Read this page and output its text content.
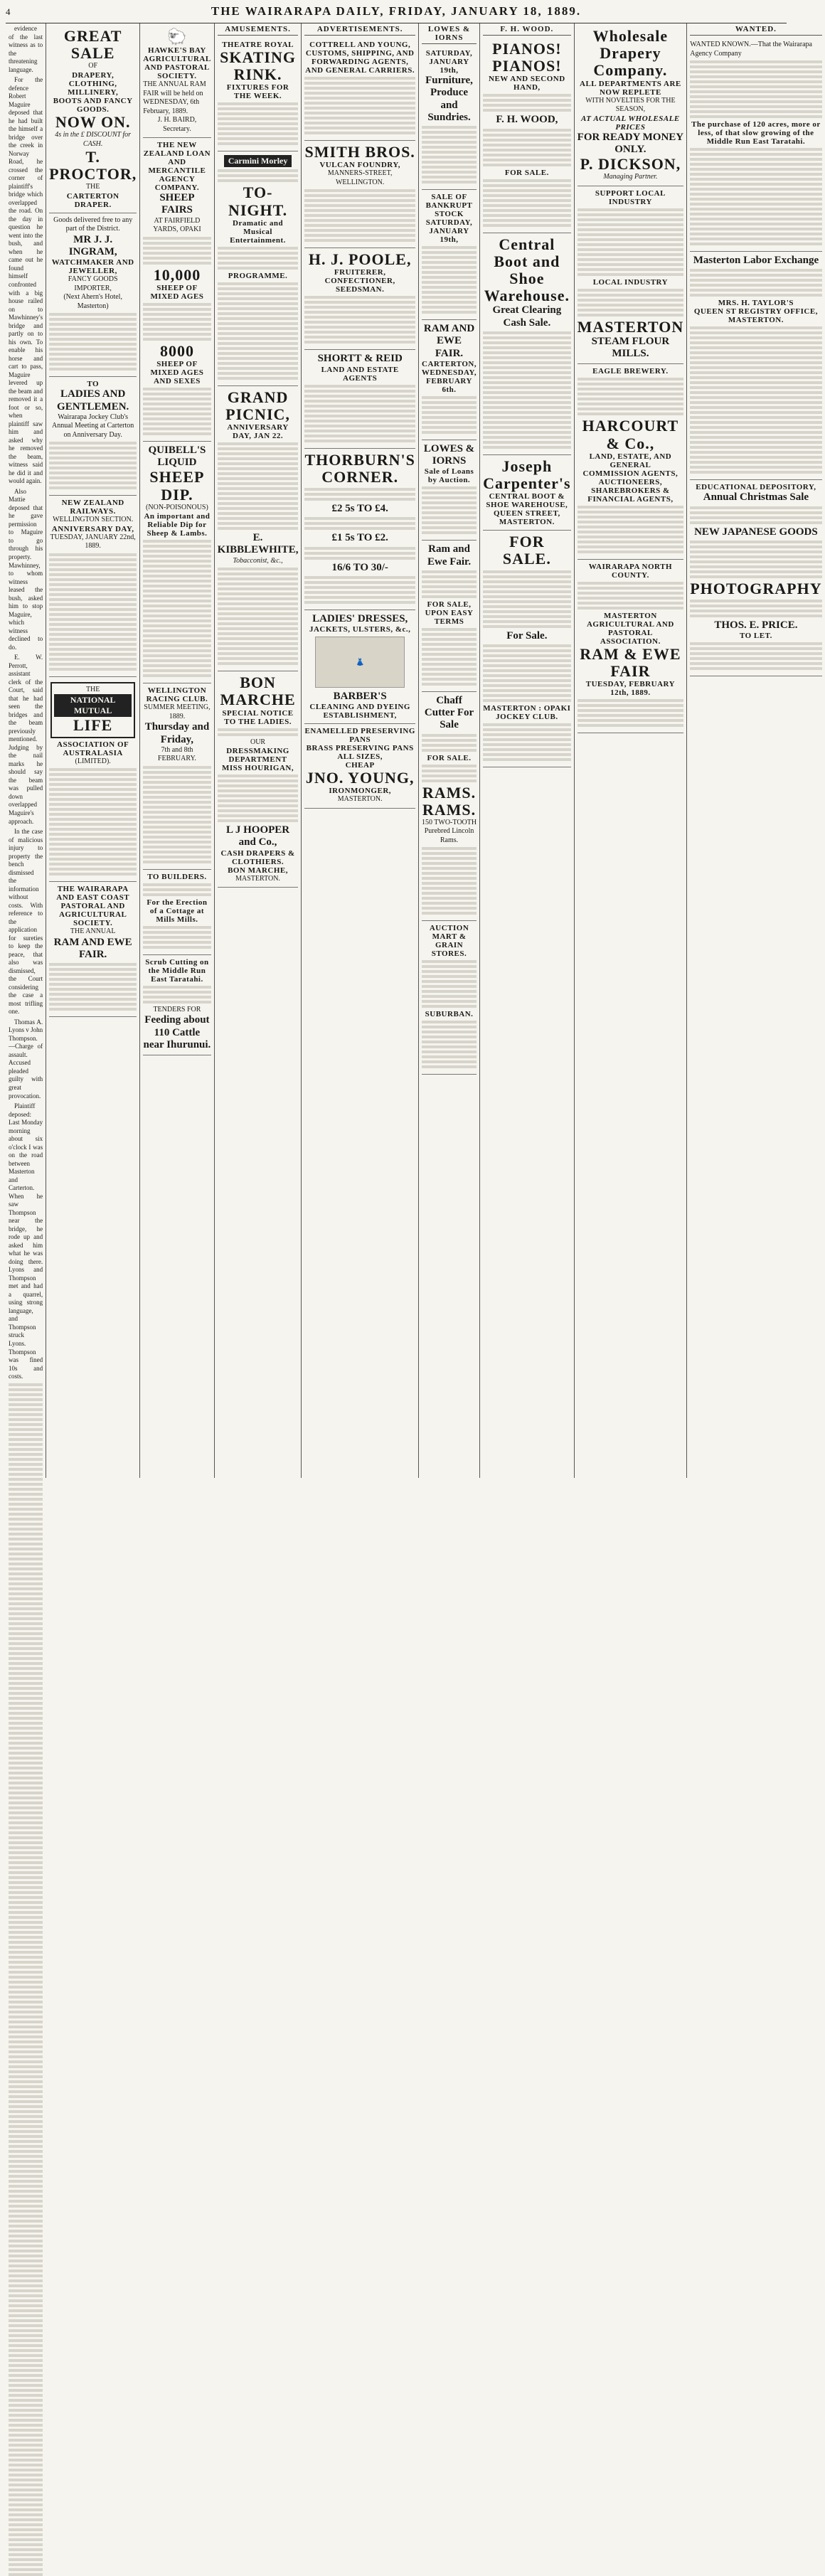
4	THE WAIRARAPA DAILY, FRIDAY, JANUARY 18, 1889.

evidence of the last witness as to the threatening language.

For the defence Robert Maguire deposed that he had built the himself a bridge over the creek in Norway Road, he crossed the corner of plaintiff's bridge which overlapped the road. On the day in question he went into the bush, and when he came out he found himself confronted with a big house railed on to Mawhinney's bridge and partly on to his own. To enable his horse and cart to pass, Maguire levered up the beam and removed it a foot or so, when plaintiff saw him and asked why he removed the beam, witness said he did it and would again.

Also Mattie deposed that he gave permission to Maguire to go through his property. Mawhinney, to whom witness leased the bush, asked him to stop Maguire, which witness declined to do.

E. W. Perrott, assistant clerk of the Court, said that he had seen the bridges and the beam previously mentioned. Judging by the nail marks he should say the beam was pulled down overlapped Maguire's approach.

In the case of malicious injury to property the bench dismissed the information without costs. With reference to the application for sureties to keep the peace, that also was dismissed, the Court considering the case a most trifling one.

Thomas A. Lyons v John Thompson.—Charge of assault. Accused pleaded guilty with great provocation.

Plaintiff deposed: Last Monday morning about six o'clock I was on the road between Masterton and Carterton. When he saw Thompson near the bridge, he rode up and asked him what he was doing there. Lyons and Thompson met and had a quarrel, using strong language, and Thompson struck Lyons. Thompson was fined 10s and costs.

GREAT SALE
OF
DRAPERY, CLOTHING,
MILLINERY,
BOOTS AND FANCY GOODS.
NOW ON.
4s in the £ DISCOUNT for CASH.
T. PROCTOR,
THE
CARTERTON DRAPER.
Goods delivered free to any part of the District.
MR J. J. INGRAM,
WATCHMAKER AND JEWELLER,
FANCY GOODS IMPORTER,
(Next Ahern's Hotel, Masterton)
TO
LADIES AND GENTLEMEN.
Wairarapa Jockey Club's Annual Meeting at Carterton on Anniversary Day.
NEW ZEALAND RAILWAYS.
WELLINGTON SECTION.
ANNIVERSARY DAY,
TUESDAY, JANUARY 22nd, 1889.
THE
NATIONAL MUTUAL
LIFE
ASSOCIATION OF AUSTRALASIA
(LIMITED).
THE WAIRARAPA AND EAST COAST PASTORAL AND AGRICULTURAL SOCIETY.
THE ANNUAL
RAM AND EWE FAIR.
🐑
HAWKE'S BAY AGRICULTURAL
AND PASTORAL SOCIETY.
THE ANNUAL RAM FAIR will be held on WEDNESDAY, 6th February, 1889.
J. H. BAIRD, Secretary.
THE NEW ZEALAND LOAN AND MERCANTILE AGENCY COMPANY.
SHEEP FAIRS
AT FAIRFIELD YARDS, OPAKI
10,000
SHEEP OF MIXED AGES
8000
SHEEP OF MIXED AGES AND SEXES
QUIBELL'S LIQUID
SHEEP DIP.
(NON-POISONOUS)
An important and Reliable Dip for Sheep & Lambs.
WELLINGTON RACING CLUB.
SUMMER MEETING, 1889.
Thursday and Friday,
7th and 8th FEBRUARY.
TO BUILDERS.
For the Erection of a Cottage at Mills Mills.
Scrub Cutting on the Middle Run East Taratahi.
TENDERS FOR
Feeding about 110 Cattle near Ihurunui.
AMUSEMENTS.
THEATRE ROYAL
SKATING RINK.
FIXTURES FOR THE WEEK.
Carmini Morley
TO-NIGHT.
Dramatic and Musical Entertainment.
PROGRAMME.
GRAND PICNIC,
ANNIVERSARY DAY, JAN 22.
E. KIBBLEWHITE,
Tobacconist, &c.,
BON MARCHE
SPECIAL NOTICE TO THE LADIES.
OUR
DRESSMAKING DEPARTMENT
MISS HOURIGAN,
L J HOOPER and Co.,
CASH DRAPERS & CLOTHIERS.
BON MARCHE,
MASTERTON.
ADVERTISEMENTS.
COTTRELL AND YOUNG,
CUSTOMS, SHIPPING, AND FORWARDING AGENTS,
AND GENERAL CARRIERS.
SMITH BROS.
VULCAN FOUNDRY,
MANNERS-STREET, WELLINGTON.
H. J. POOLE,
FRUITERER, CONFECTIONER,
SEEDSMAN.
SHORTT & REID
LAND AND ESTATE AGENTS
THORBURN'S
CORNER.
£2 5s TO £4.
£1 5s TO £2.
16/6 TO 30/-
LADIES' DRESSES,
JACKETS, ULSTERS, &c.,
👗
BARBER'S
CLEANING AND DYEING ESTABLISHMENT,
ENAMELLED PRESERVING PANS
BRASS PRESERVING PANS
ALL SIZES,
CHEAP
JNO. YOUNG,
IRONMONGER,
MASTERTON.
LOWES & IORNS
SATURDAY, JANUARY 19th,
Furniture, Produce and Sundries.
SALE OF BANKRUPT STOCK
SATURDAY, JANUARY 19th,
RAM AND EWE FAIR.
CARTERTON, WEDNESDAY, FEBRUARY 6th.
LOWES & IORNS
Sale of Loans by Auction.
Ram and Ewe Fair.
FOR SALE, UPON EASY TERMS
Chaff Cutter For Sale
FOR SALE.
RAMS. RAMS.
150 TWO-TOOTH Purebred Lincoln Rams.
AUCTION MART & GRAIN STORES.
SUBURBAN.
F. H. WOOD.
PIANOS! PIANOS!
NEW AND SECOND HAND,
F. H. WOOD,
FOR SALE.
Central Boot and Shoe Warehouse.
Great Clearing Cash Sale.
Joseph Carpenter's
CENTRAL BOOT & SHOE WAREHOUSE,
QUEEN STREET, MASTERTON.
FOR SALE.
For Sale.
MASTERTON : OPAKI JOCKEY CLUB.
Wholesale Drapery Company.
ALL DEPARTMENTS ARE NOW REPLETE
WITH NOVELTIES FOR THE SEASON,
AT ACTUAL WHOLESALE PRICES
FOR READY MONEY ONLY.
P. DICKSON,
Managing Partner.
SUPPORT LOCAL INDUSTRY
LOCAL INDUSTRY
MASTERTON
STEAM FLOUR MILLS.
EAGLE BREWERY.
HARCOURT & Co.,
LAND, ESTATE, AND GENERAL
COMMISSION AGENTS,
AUCTIONEERS,
SHAREBROKERS & FINANCIAL AGENTS,
WAIRARAPA NORTH COUNTY.
MASTERTON AGRICULTURAL AND PASTORAL ASSOCIATION.
RAM & EWE FAIR
TUESDAY, FEBRUARY 12th, 1889.
WANTED.
WANTED KNOWN.—That the Wairarapa Agency Company
The purchase of 120 acres, more or less, of that slow growing of the Middle Run East Taratahi.
Masterton Labor Exchange
MRS. H. TAYLOR'S
QUEEN ST REGISTRY OFFICE,
MASTERTON.
EDUCATIONAL DEPOSITORY,
Annual Christmas Sale
NEW JAPANESE GOODS
PHOTOGRAPHY
THOS. E. PRICE.
TO LET.
